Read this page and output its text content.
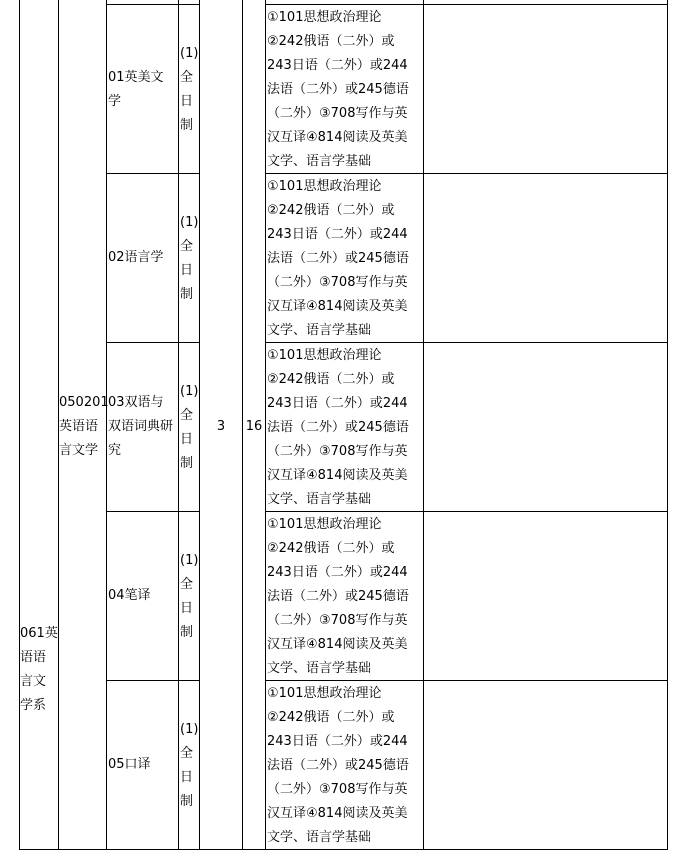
061英
语语
言文
学系
050201
英语语
言文学
3	16
01英美文
学
(1)
全
日
制
①101思想政治理论
②242俄语（二外）或
243日语（二外）或244
法语（二外）或245德语
（二外）③708写作与英
汉互译④814阅读及英美
文学、语言学基础
02语言学
(1)
全
日
制
①101思想政治理论
②242俄语（二外）或
243日语（二外）或244
法语（二外）或245德语
（二外）③708写作与英
汉互译④814阅读及英美
文学、语言学基础
03双语与
双语词典研
究
(1)
全
日
制
①101思想政治理论
②242俄语（二外）或
243日语（二外）或244
法语（二外）或245德语
（二外）③708写作与英
汉互译④814阅读及英美
文学、语言学基础
04笔译
(1)
全
日
制
①101思想政治理论
②242俄语（二外）或
243日语（二外）或244
法语（二外）或245德语
（二外）③708写作与英
汉互译④814阅读及英美
文学、语言学基础
05口译
(1)
全
日
制
①101思想政治理论
②242俄语（二外）或
243日语（二外）或244
法语（二外）或245德语
（二外）③708写作与英
汉互译④814阅读及英美
文学、语言学基础
